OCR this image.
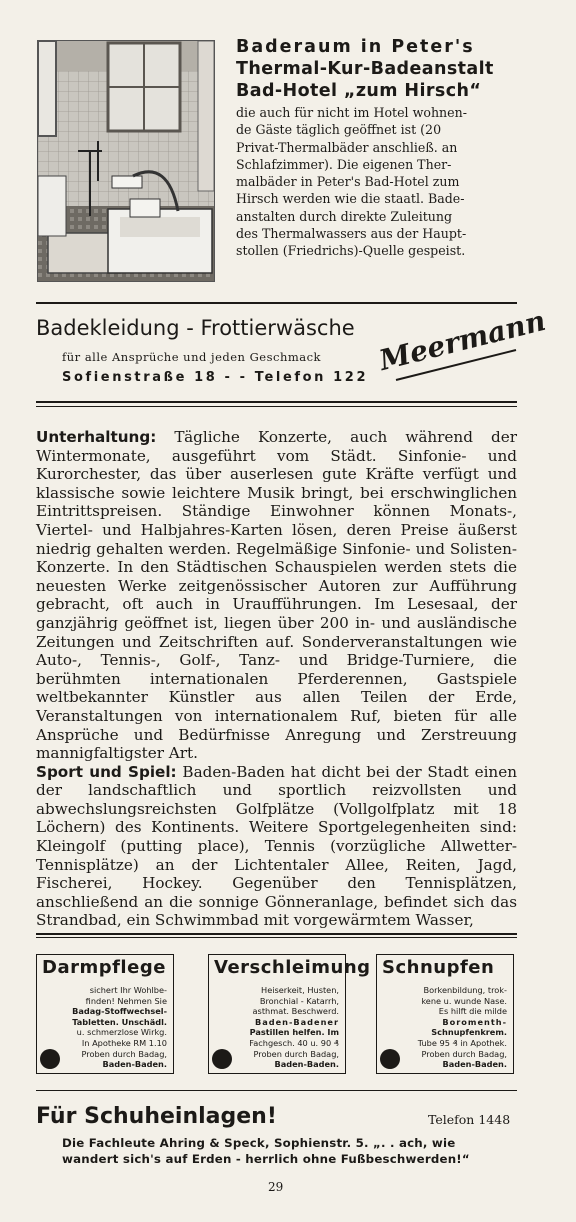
Baderaum in Peter's
Thermal-Kur-Badeanstalt
Bad-Hotel „zum Hirsch“
die auch für nicht im Hotel wohnen-
de Gäste täglich geöffnet ist (20
Privat-Thermalbäder anschließ. an
Schlafzimmer). Die eigenen Ther-
malbäder in Peter's Bad-Hotel zum
Hirsch werden wie die staatl. Bade-
anstalten durch direkte Zuleitung
des Thermalwassers aus der Haupt-
stollen (Friedrichs)-Quelle gespeist.
Badekleidung - Frottierwäsche
für alle Ansprüche und jeden Geschmack
Sofienstraße 18 - - Telefon 122
Meermann
Unterhaltung: Tägliche Konzerte, auch während der Wintermonate, ausgeführt vom Städt. Sinfonie- und Kurorchester, das über auserlesen gute Kräfte verfügt und klassische sowie leichtere Musik bringt, bei erschwinglichen Eintrittspreisen. Ständige Einwohner können Monats-, Viertel- und Halbjahres-Karten lösen, deren Preise äußerst niedrig gehalten werden. Regelmäßige Sinfonie- und Solisten-Konzerte. In den Städtischen Schauspielen werden stets die neuesten Werke zeitgenössischer Autoren zur Aufführung gebracht, oft auch in Uraufführungen. Im Lesesaal, der ganzjährig geöffnet ist, liegen über 200 in- und ausländische Zeitungen und Zeitschriften auf. Sonderveranstaltungen wie Auto-, Tennis-, Golf-, Tanz- und Bridge-Turniere, die berühmten internationalen Pferderennen, Gastspiele weltbekannter Künstler aus allen Teilen der Erde, Veranstaltungen von internationalem Ruf, bieten für alle Ansprüche und Bedürfnisse Anregung und Zerstreuung mannigfaltigster Art.
Sport und Spiel: Baden-Baden hat dicht bei der Stadt einen der landschaftlich und sportlich reizvollsten und abwechslungsreichsten Golfplätze (Vollgolfplatz mit 18 Löchern) des Kontinents. Weitere Sportgelegenheiten sind: Kleingolf (putting place), Tennis (vorzügliche Allwetter-Tennisplätze) an der Lichtentaler Allee, Reiten, Jagd, Fischerei, Hockey. Gegenüber den Tennisplätzen, anschließend an die sonnige Gönneranlage, befindet sich das Strandbad, ein Schwimmbad mit vorgewärmtem Wasser,
Darmpflege
sichert Ihr Wohlbe-
finden! Nehmen Sie
Badag-Stoffwechsel-
Tabletten. Unschädl.
u. schmerzlose Wirkg.
In Apotheke RM 1.10
Proben durch Badag,
Baden-Baden.
Verschleimung
Heiserkeit, Husten,
Bronchial - Katarrh,
asthmat. Beschwerd.
Baden-Badener
Pastillen helfen. Im
Fachgesch. 40 u. 90 ₰
Proben durch Badag,
Baden-Baden.
Schnupfen
Borkenbildung, trok-
kene u. wunde Nase.
Es hilft die milde
Boromenth-
Schnupfenkrem.
Tube 95 ₰ in Apothek.
Proben durch Badag,
Baden-Baden.
Für Schuheinlagen!	Telefon 1448
Die Fachleute Ahring & Speck, Sophienstr. 5. „. . ach, wie
wandert sich's auf Erden - herrlich ohne Fußbeschwerden!“
29
